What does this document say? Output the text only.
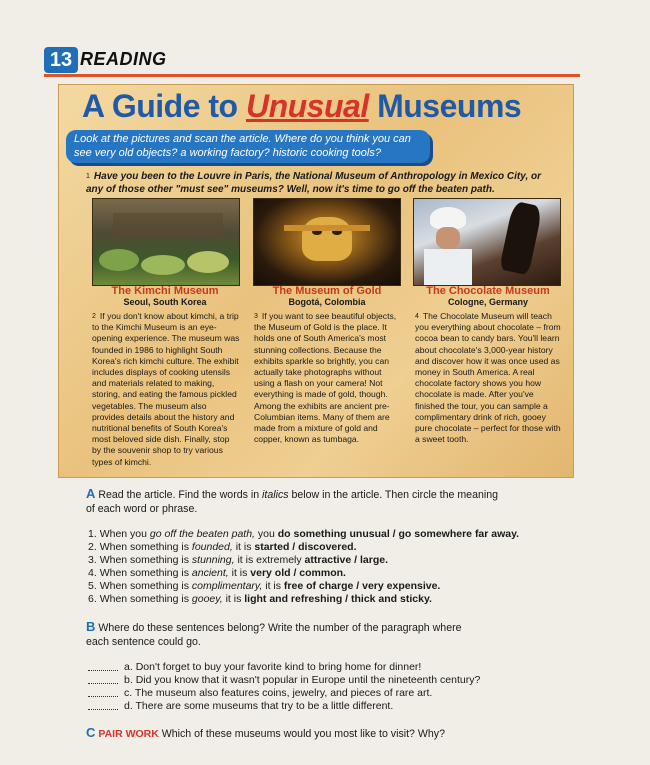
13 READING
A Guide to Unusual Museums
Look at the pictures and scan the article. Where do you think you can see very old objects? a working factory? historic cooking tools?
1 Have you been to the Louvre in Paris, the National Museum of Anthropology in Mexico City, or any of those other "must see" museums? Well, now it's time to go off the beaten path.
The Kimchi Museum
Seoul, South Korea
2 If you don't know about kimchi, a trip to the Kimchi Museum is an eye-opening experience. The museum was founded in 1986 to highlight South Korea's rich kimchi culture. The exhibit includes displays of cooking utensils and materials related to making, storing, and eating the famous pickled vegetables. The museum also provides details about the history and nutritional benefits of South Korea's most beloved side dish. Finally, stop by the souvenir shop to try various types of kimchi.
The Museum of Gold
Bogotá, Colombia
3 If you want to see beautiful objects, the Museum of Gold is the place. It holds one of South America's most stunning collections. Because the exhibits sparkle so brightly, you can actually take photographs without using a flash on your camera! Not everything is made of gold, though. Among the exhibits are ancient pre-Columbian items. Many of them are made from a mixture of gold and copper, known as tumbaga.
The Chocolate Museum
Cologne, Germany
4 The Chocolate Museum will teach you everything about chocolate – from cocoa bean to candy bars. You'll learn about chocolate's 3,000-year history and discover how it was once used as money in South America. A real chocolate factory shows you how chocolate is made. After you've finished the tour, you can sample a complimentary drink of rich, gooey pure chocolate – perfect for those with a sweet tooth.
A Read the article. Find the words in italics below in the article. Then circle the meaning of each word or phrase.
1. When you go off the beaten path, you do something unusual / go somewhere far away.
2. When something is founded, it is started / discovered.
3. When something is stunning, it is extremely attractive / large.
4. When something is ancient, it is very old / common.
5. When something is complimentary, it is free of charge / very expensive.
6. When something is gooey, it is light and refreshing / thick and sticky.
B Where do these sentences belong? Write the number of the paragraph where each sentence could go.
a. Don't forget to buy your favorite kind to bring home for dinner!
b. Did you know that it wasn't popular in Europe until the nineteenth century?
c. The museum also features coins, jewelry, and pieces of rare art.
d. There are some museums that try to be a little different.
C PAIR WORK Which of these museums would you most like to visit? Why?
